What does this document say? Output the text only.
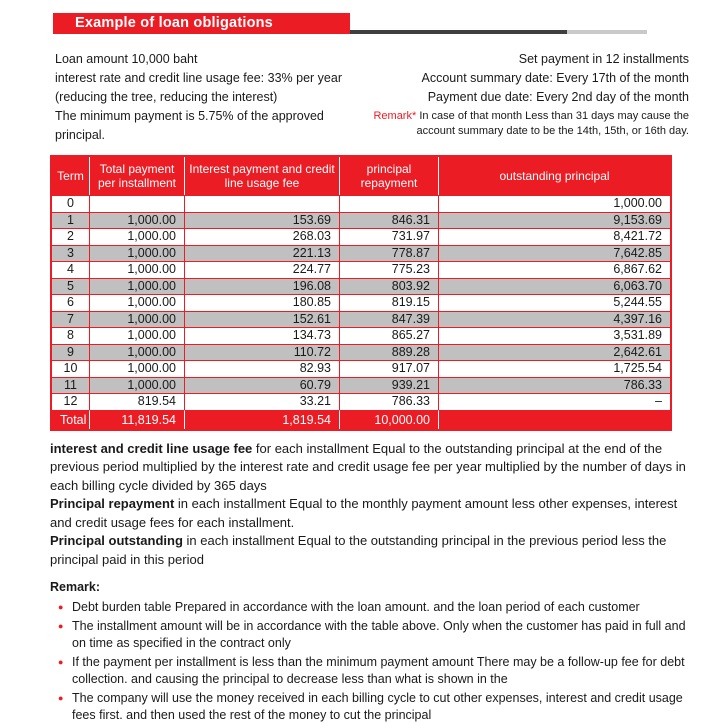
Example of loan obligations
Loan amount 10,000 baht
interest rate and credit line usage fee: 33% per year
(reducing the tree, reducing the interest)
The minimum payment is 5.75% of the approved principal.
Set payment in 12 installments
Account summary date: Every 17th of the month
Payment due date: Every 2nd day of the month
Remark* In case of that month Less than 31 days may cause the account summary date to be the 14th, 15th, or 16th day.
Term	Total payment per installment	Interest payment and credit line usage fee	principal repayment	outstanding principal
0				1,000.00
1	1,000.00	153.69	846.31	9,153.69
2	1,000.00	268.03	731.97	8,421.72
3	1,000.00	221.13	778.87	7,642.85
4	1,000.00	224.77	775.23	6,867.62
5	1,000.00	196.08	803.92	6,063.70
6	1,000.00	180.85	819.15	5,244.55
7	1,000.00	152.61	847.39	4,397.16
8	1,000.00	134.73	865.27	3,531.89
9	1,000.00	110.72	889.28	2,642.61
10	1,000.00	82.93	917.07	1,725.54
11	1,000.00	60.79	939.21	786.33
12	819.54	33.21	786.33	–
Total	11,819.54	1,819.54	10,000.00	

interest and credit line usage fee for each installment Equal to the outstanding principal at the end of the previous period multiplied by the interest rate and credit usage fee per year multiplied by the number of days in each billing cycle divided by 365 days

Principal repayment in each installment Equal to the monthly payment amount less other expenses, interest and credit usage fees for each installment.

Principal outstanding in each installment Equal to the outstanding principal in the previous period less the principal paid in this period

Remark:
● Debt burden table Prepared in accordance with the loan amount. and the loan period of each customer
● The installment amount will be in accordance with the table above. Only when the customer has paid in full and on time as specified in the contract only
● If the payment per installment is less than the minimum payment amount There may be a follow-up fee for debt collection. and causing the principal to decrease less than what is shown in the
● The company will use the money received in each billing cycle to cut other expenses, interest and credit usage fees first. and then used the rest of the money to cut the principal
